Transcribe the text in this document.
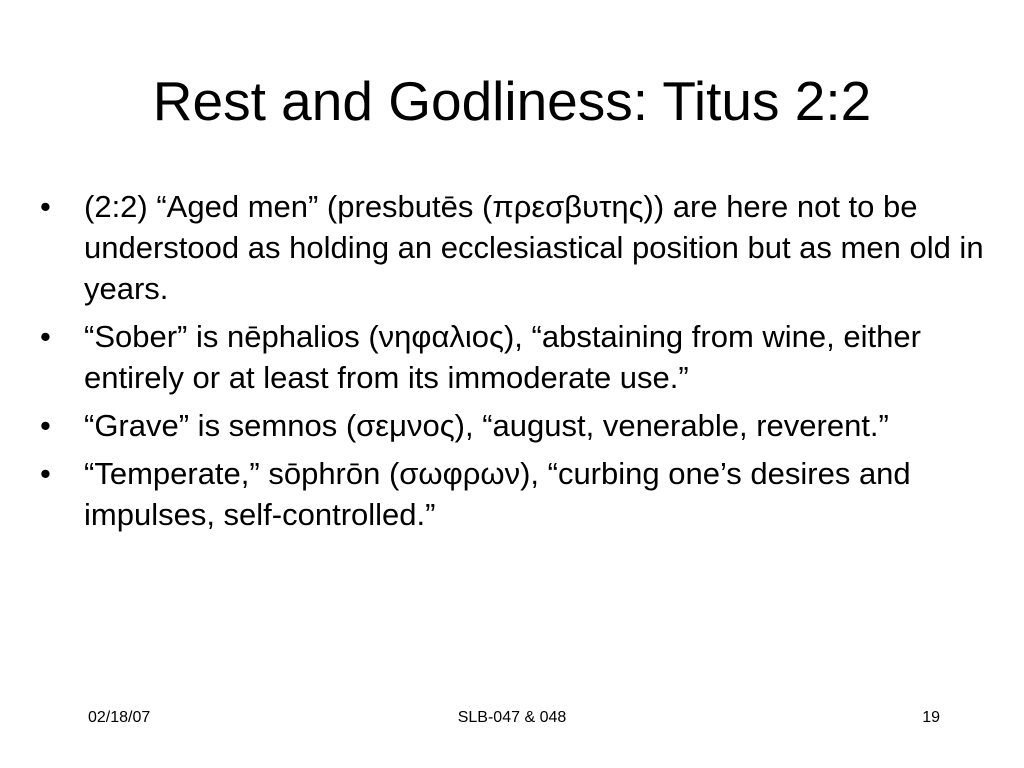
Rest and Godliness: Titus 2:2
•	(2:2) “Aged men” (presbutēs (πρεσβυτης)) are here not to be understood as holding an ecclesiastical position but as men old in years.
•	“Sober” is nēphalios (νηφαλιος), “abstaining from wine, either entirely or at least from its immoderate use.”
•	“Grave” is semnos (σεμνος), “august, venerable, reverent.”
•	“Temperate,” sōphrōn (σωφρων), “curbing one’s desires and impulses, self-controlled.”
02/18/07	SLB-047 & 048	19
